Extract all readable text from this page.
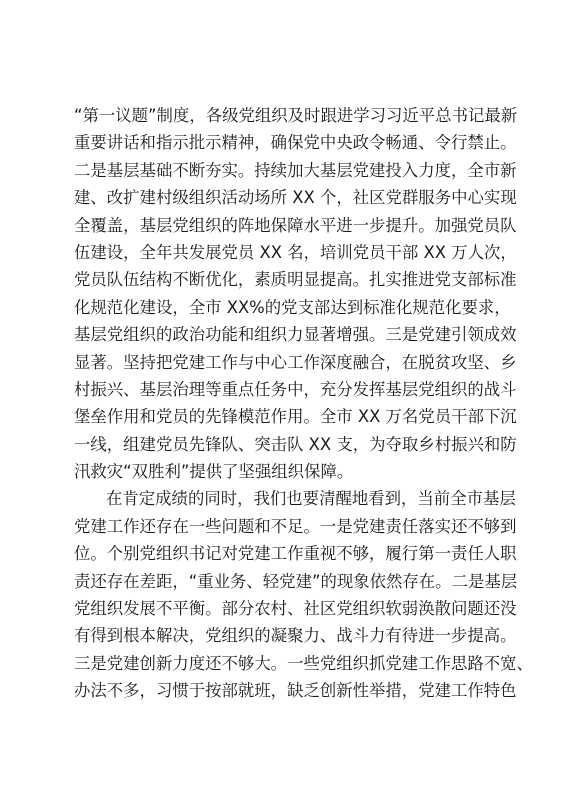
“第一议题”制度，各级党组织及时跟进学习习近平总书记最新
重要讲话和指示批示精神，确保党中央政令畅通、令行禁止。
二是基层基础不断夯实。持续加大基层党建投入力度，全市新
建、改扩建村级组织活动场所 XX 个，社区党群服务中心实现
全覆盖，基层党组织的阵地保障水平进一步提升。加强党员队
伍建设，全年共发展党员 XX 名，培训党员干部 XX 万人次，
党员队伍结构不断优化，素质明显提高。扎实推进党支部标准
化规范化建设，全市 XX%的党支部达到标准化规范化要求，
基层党组织的政治功能和组织力显著增强。三是党建引领成效
显著。坚持把党建工作与中心工作深度融合，在脱贫攻坚、乡
村振兴、基层治理等重点任务中，充分发挥基层党组织的战斗
堡垒作用和党员的先锋模范作用。全市 XX 万名党员干部下沉
一线，组建党员先锋队、突击队 XX 支，为夺取乡村振兴和防
汛救灾“双胜利”提供了坚强组织保障。
在肯定成绩的同时，我们也要清醒地看到，当前全市基层
党建工作还存在一些问题和不足。一是党建责任落实还不够到
位。个别党组织书记对党建工作重视不够，履行第一责任人职
责还存在差距，“重业务、轻党建”的现象依然存在。二是基层
党组织发展不平衡。部分农村、社区党组织软弱涣散问题还没
有得到根本解决，党组织的凝聚力、战斗力有待进一步提高。
三是党建创新力度还不够大。一些党组织抓党建工作思路不宽、
办法不多，习惯于按部就班，缺乏创新性举措，党建工作特色
